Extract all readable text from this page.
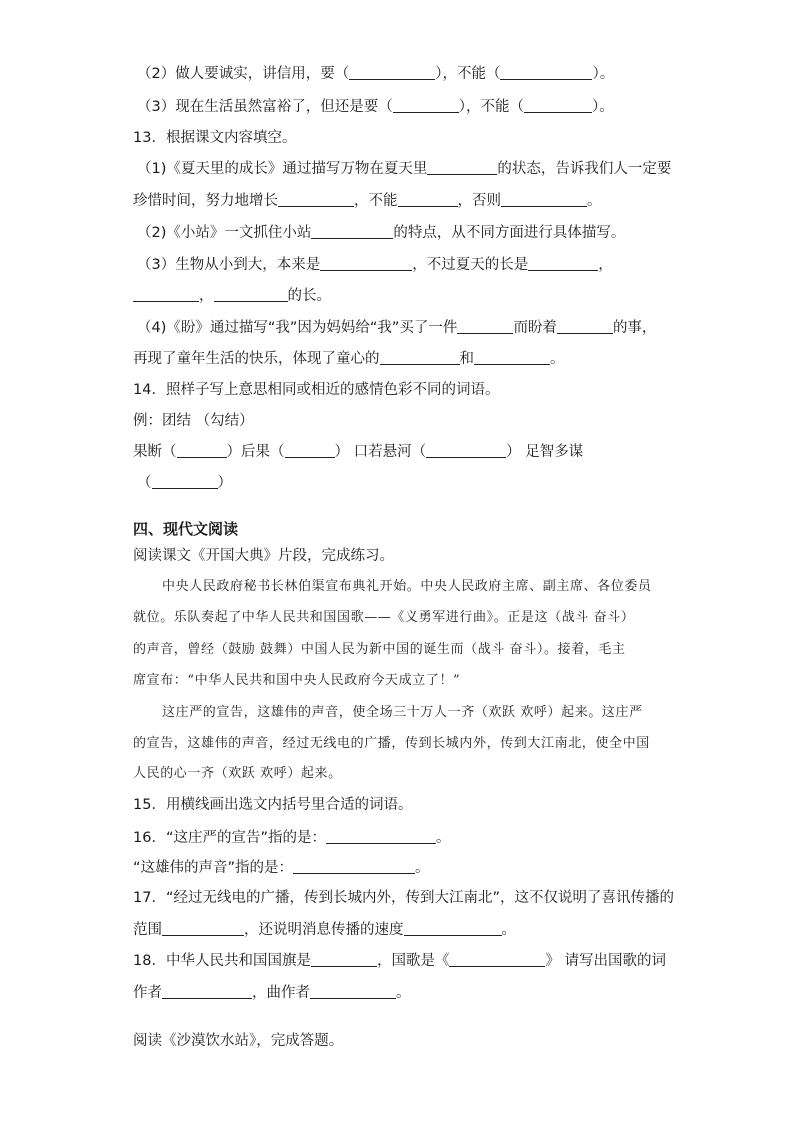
（2）做人要诚实，讲信用，要（	），不能（	）。
（3）现在生活虽然富裕了，但还是要（	），不能（	）。
13．根据课文内容填空。
（1)《夏天里的成长》通过描写万物在夏天里	的状态，告诉我们人一定要
珍惜时间，努力地增长	，不能	，否则	。
（2)《小站》一文抓住小站	的特点，从不同方面进行具体描写。
（3）生物从小到大，本来是	，不过夏天的长是	，
，	的长。
（4)《盼》通过描写“我”因为妈妈给“我”买了一件	而盼着	的事，
再现了童年生活的快乐，体现了童心的	和	。
14．照样子写上意思相同或相近的感情色彩不同的词语。
例：团结 （勾结）
果断（	）后果（	） 口若悬河（	） 足智多谋
（	）
四、现代文阅读
阅读课文《开国大典》片段，完成练习。
中央人民政府秘书长林伯渠宣布典礼开始。中央人民政府主席、副主席、各位委员
就位。乐队奏起了中华人民共和国国歌——《义勇军进行曲》。正是这（战斗 奋斗）
的声音，曾经（鼓励 鼓舞）中国人民为新中国的诞生而（战斗 奋斗）。接着，毛主
席宣布：“中华人民共和国中央人民政府今天成立了！”
这庄严的宣告，这雄伟的声音，使全场三十万人一齐（欢跃 欢呼）起来。这庄严
的宣告，这雄伟的声音，经过无线电的广播，传到长城内外，传到大江南北，使全中国
人民的心一齐（欢跃 欢呼）起来。
15．用横线画出选文内括号里合适的词语。
16．“这庄严的宣告”指的是：	。
“这雄伟的声音”指的是：	。
17．“经过无线电的广播，传到长城内外，传到大江南北”，这不仅说明了喜讯传播的
范围	，还说明消息传播的速度	。
18．中华人民共和国国旗是	，国歌是《	》 请写出国歌的词
作者	，曲作者	。
阅读《沙漠饮水站》，完成答题。
